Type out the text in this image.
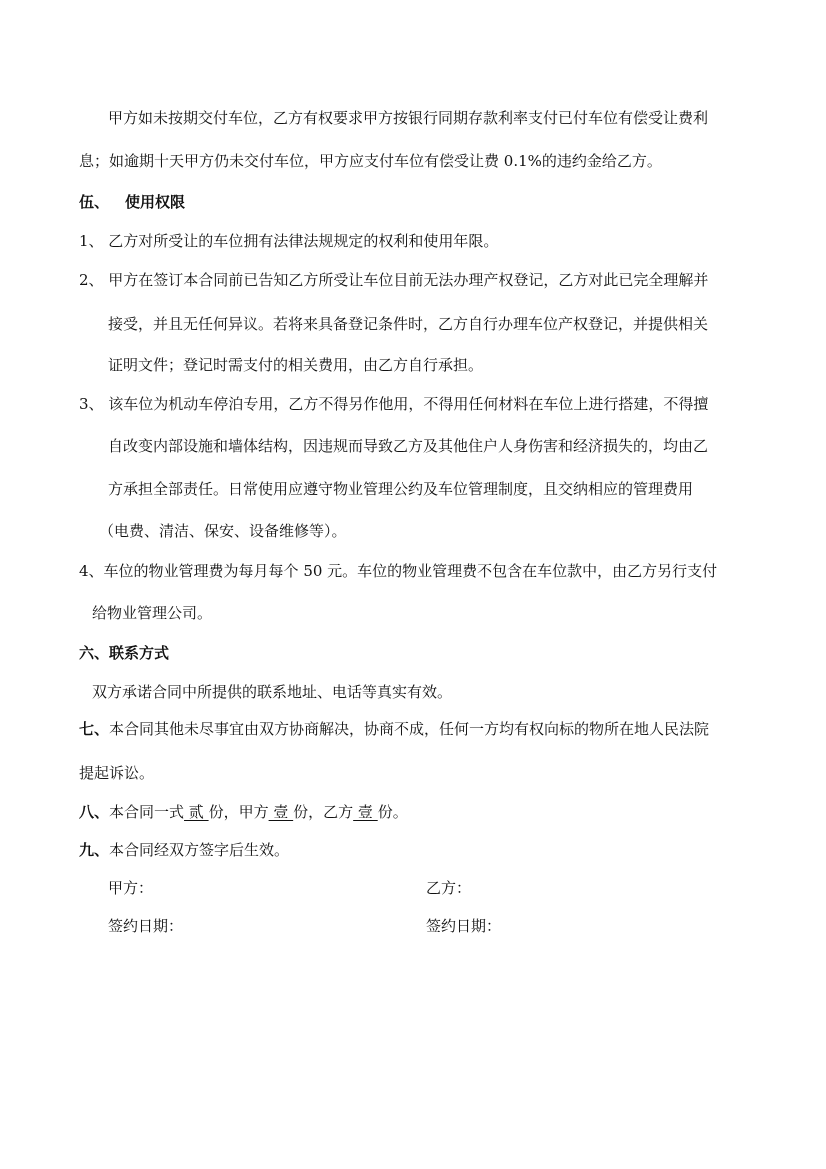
甲方如未按期交付车位，乙方有权要求甲方按银行同期存款利率支付已付车位有偿受让费利
息；如逾期十天甲方仍未交付车位，甲方应支付车位有偿受让费 0.1%的违约金给乙方。
伍、 使用权限
1、 乙方对所受让的车位拥有法律法规规定的权利和使用年限。
2、 甲方在签订本合同前已告知乙方所受让车位目前无法办理产权登记，乙方对此已完全理解并
接受，并且无任何异议。若将来具备登记条件时，乙方自行办理车位产权登记，并提供相关
证明文件；登记时需支付的相关费用，由乙方自行承担。
3、 该车位为机动车停泊专用，乙方不得另作他用，不得用任何材料在车位上进行搭建，不得擅
自改变内部设施和墙体结构，因违规而导致乙方及其他住户人身伤害和经济损失的，均由乙
方承担全部责任。日常使用应遵守物业管理公约及车位管理制度，且交纳相应的管理费用
（电费、清洁、保安、设备维修等）。
4、车位的物业管理费为每月每个 50 元。车位的物业管理费不包含在车位款中，由乙方另行支付
给物业管理公司。
六、联系方式
双方承诺合同中所提供的联系地址、电话等真实有效。
七、本合同其他未尽事宜由双方协商解决，协商不成，任何一方均有权向标的物所在地人民法院
提起诉讼。
八、本合同一式 贰 份，甲方 壹 份，乙方 壹 份。
九、本合同经双方签字后生效。
甲方：	乙方：
签约日期：	签约日期：
